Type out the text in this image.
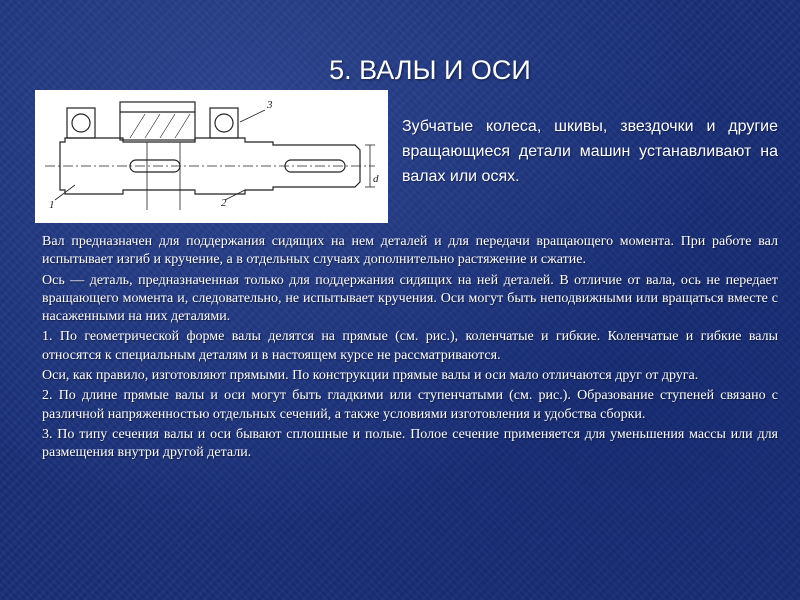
5. ВАЛЫ И ОСИ
1	2
3
d
Зубчатые колеса, шкивы, звездочки и другие вращающиеся детали машин устанавливают на валах или осях.

Вал предназначен для поддержания сидящих на нем деталей и для передачи вращающего момента. При работе вал испытывает изгиб и кручение, а в отдельных случаях дополнительно растяжение и сжатие.

Ось — деталь, предназначенная только для поддержания сидящих на ней деталей. В отличие от вала, ось не передает вращающего момента и, следовательно, не испытывает кручения. Оси могут быть неподвижными или вращаться вместе с насаженными на них деталями.

1. По геометрической форме валы делятся на прямые (см. рис.), коленчатые и гибкие. Коленчатые и гибкие валы относятся к специальным деталям и в настоящем курсе не рассматриваются.

Оси, как правило, изготовляют прямыми. По конструкции прямые валы и оси мало отличаются друг от друга.

2. По длине прямые валы и оси могут быть гладкими или ступенчатыми (см. рис.). Образование ступеней связано с различной напряженностью отдельных сечений, а также условиями изготовления и удобства сборки.

3. По типу сечения валы и оси бывают сплошные и полые. Полое сечение применяется для уменьшения массы или для размещения внутри другой детали.
